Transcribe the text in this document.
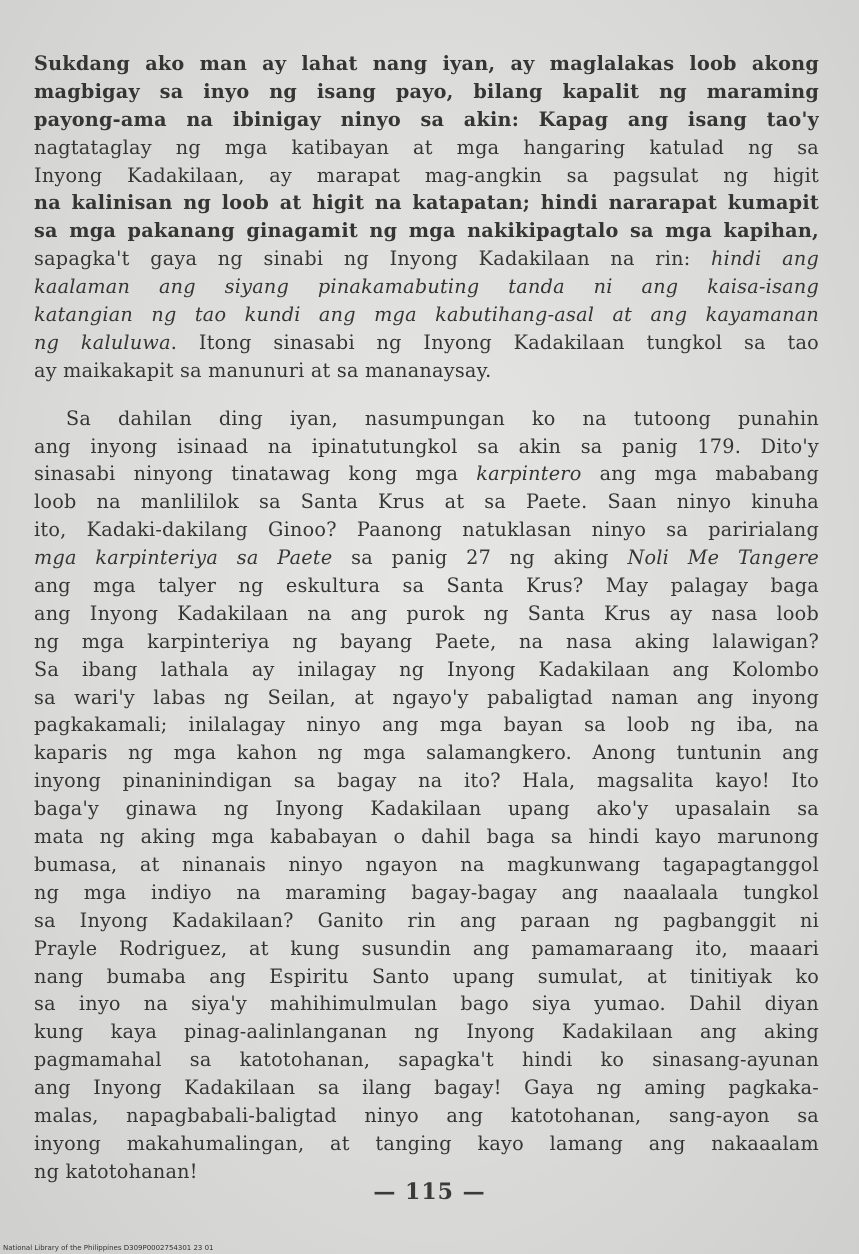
Sukdang ako man ay lahat nang iyan, ay maglalakas loob akong
magbigay sa inyo ng isang payo, bilang kapalit ng maraming
payong-ama na ibinigay ninyo sa akin: Kapag ang isang tao'y
nagtataglay ng mga katibayan at mga hangaring katulad ng sa
Inyong Kadakilaan, ay marapat mag-angkin sa pagsulat ng higit
na kalinisan ng loob at higit na katapatan; hindi nararapat kumapit
sa mga pakanang ginagamit ng mga nakikipagtalo sa mga kapihan,
sapagka't gaya ng sinabi ng Inyong Kadakilaan na rin: hindi ang
kaalaman ang siyang pinakamabuting tanda ni ang kaisa-isang
katangian ng tao kundi ang mga kabutihang-asal at ang kayamanan
ng kaluluwa. Itong sinasabi ng Inyong Kadakilaan tungkol sa tao
ay maikakapit sa manunuri at sa mananaysay.
Sa dahilan ding iyan, nasumpungan ko na tutoong punahin
ang inyong isinaad na ipinatutungkol sa akin sa panig 179. Dito'y
sinasabi ninyong tinatawag kong mga karpintero ang mga mababang
loob na manlililok sa Santa Krus at sa Paete. Saan ninyo kinuha
ito, Kadaki-dakilang Ginoo? Paanong natuklasan ninyo sa paririalang
mga karpinteriya sa Paete sa panig 27 ng aking Noli Me Tangere
ang mga talyer ng eskultura sa Santa Krus? May palagay baga
ang Inyong Kadakilaan na ang purok ng Santa Krus ay nasa loob
ng mga karpinteriya ng bayang Paete, na nasa aking lalawigan?
Sa ibang lathala ay inilagay ng Inyong Kadakilaan ang Kolombo
sa wari'y labas ng Seilan, at ngayo'y pabaligtad naman ang inyong
pagkakamali; inilalagay ninyo ang mga bayan sa loob ng iba, na
kaparis ng mga kahon ng mga salamangkero. Anong tuntunin ang
inyong pinaninindigan sa bagay na ito? Hala, magsalita kayo! Ito
baga'y ginawa ng Inyong Kadakilaan upang ako'y upasalain sa
mata ng aking mga kababayan o dahil baga sa hindi kayo marunong
bumasa, at ninanais ninyo ngayon na magkunwang tagapagtanggol
ng mga indiyo na maraming bagay-bagay ang naaalaala tungkol
sa Inyong Kadakilaan? Ganito rin ang paraan ng pagbanggit ni
Prayle Rodriguez, at kung susundin ang pamamaraang ito, maaari
nang bumaba ang Espiritu Santo upang sumulat, at tinitiyak ko
sa inyo na siya'y mahihimulmulan bago siya yumao. Dahil diyan
kung kaya pinag-aalinlanganan ng Inyong Kadakilaan ang aking
pagmamahal sa katotohanan, sapagka't hindi ko sinasang-ayunan
ang Inyong Kadakilaan sa ilang bagay! Gaya ng aming pagkaka-
malas, napagbabali-baligtad ninyo ang katotohanan, sang-ayon sa
inyong makahumalingan, at tanging kayo lamang ang nakaaalam
ng katotohanan!
— 115 —
National Library of the Philippines D309P0002754301 23 01
